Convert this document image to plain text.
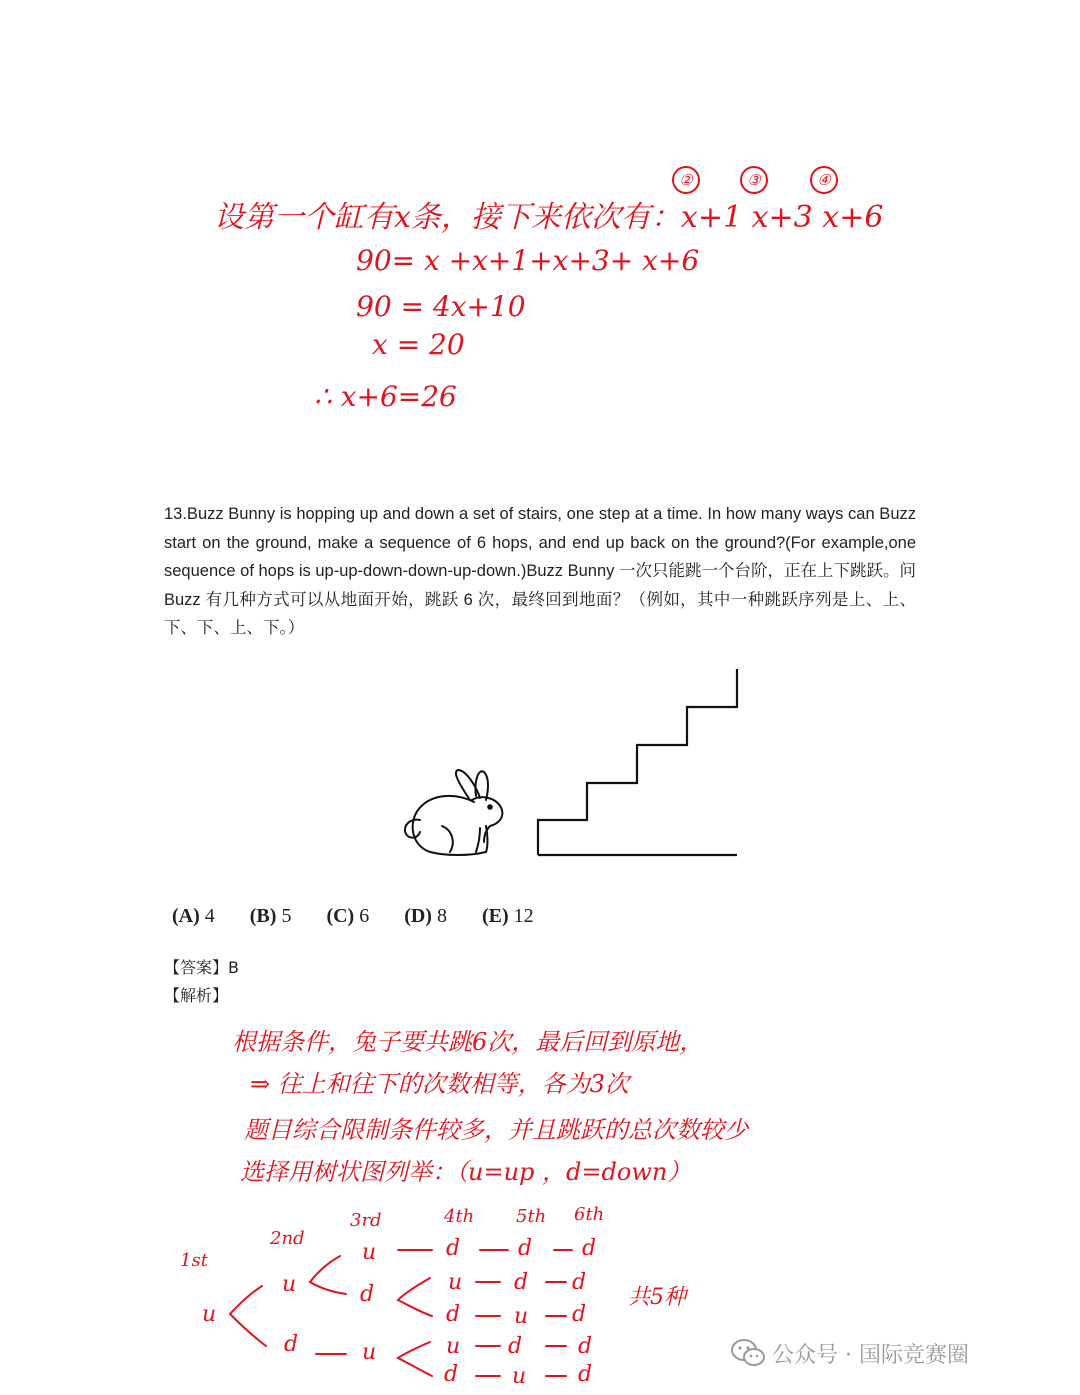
②	③	④
设第一个缸有x条，接下来依次有：x+1 x+3 x+6
90= x +x+1+x+3+ x+6
90 = 4x+10
x = 20
∴ x+6=26

13.Buzz Bunny is hopping up and down a set of stairs, one step at a time. In how many ways can Buzz start on the ground, make a sequence of 6 hops, and end up back on the ground?(For example,one sequence of hops is up-up-down-down-up-down.)Buzz Bunny 一次只能跳一个台阶，正在上下跳跃。问 Buzz 有几种方式可以从地面开始，跳跃 6 次，最终回到地面？（例如，其中一种跳跃序列是上、上、下、下、上、下。）

(A) 4 (B) 5 (C) 6 (D) 8 (E) 12
【答案】B
【解析】
根据条件，兔子要共跳6次，最后回到原地，
⇒ 往上和往下的次数相等，各为3次
题目综合限制条件较多，并且跳跃的总次数较少
选择用树状图列举：（u=up ，d=down）
1st
2nd
3rd	4th 5th 6th
u
u
u	d	d d
d	u d d
d u d
d	u	u d	d
d u d
共5种
公众号 · 国际竞赛圈
